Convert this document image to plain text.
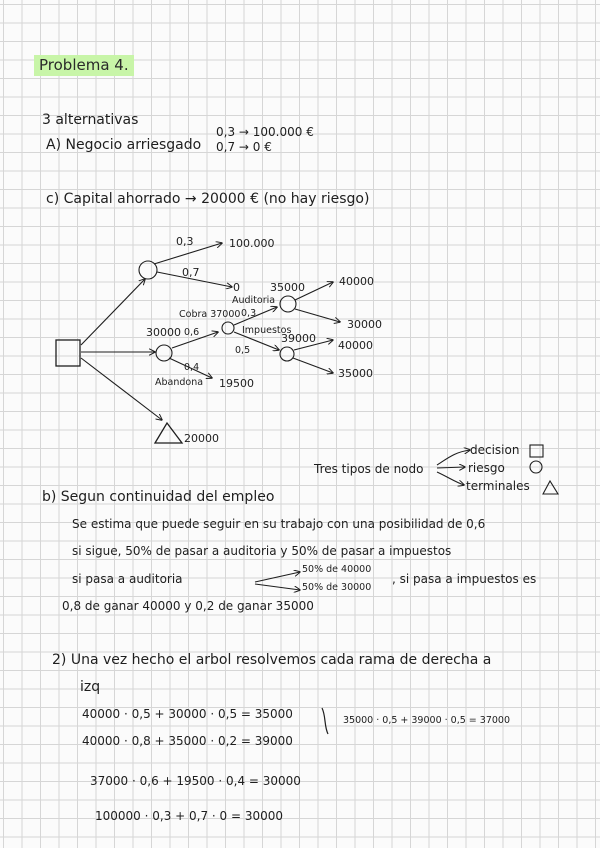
Problema 4.
3 alternativas
A) Negocio arriesgado
0,3 → 100.000 €
0,7 → 0 €
c) Capital ahorrado → 20000 € (no hay riesgo)
0,3	100.000
0,7
0
Auditoria
35000	40000
0,3
Cobra 37000
30000
30000 0,6	Impuestos
39000
40000
0,5
35000
0,4
Abandona 19500
20000
Tres tipos de nodo
decision
riesgo
terminales
b) Segun continuidad del empleo
Se estima que puede seguir en su trabajo con una posibilidad de 0,6
si sigue, 50% de pasar a auditoria y 50% de pasar a impuestos
si pasa a auditoria
50% de 40000
50% de 30000
, si pasa a impuestos es
0,8 de ganar 40000 y 0,2 de ganar 35000
2) Una vez hecho el arbol resolvemos cada rama de derecha a
izq
40000 · 0,5 + 30000 · 0,5 = 35000
40000 · 0,8 + 35000 · 0,2 = 39000
35000 · 0,5 + 39000 · 0,5 = 37000
37000 · 0,6 + 19500 · 0,4 = 30000
100000 · 0,3 + 0,7 · 0 = 30000
